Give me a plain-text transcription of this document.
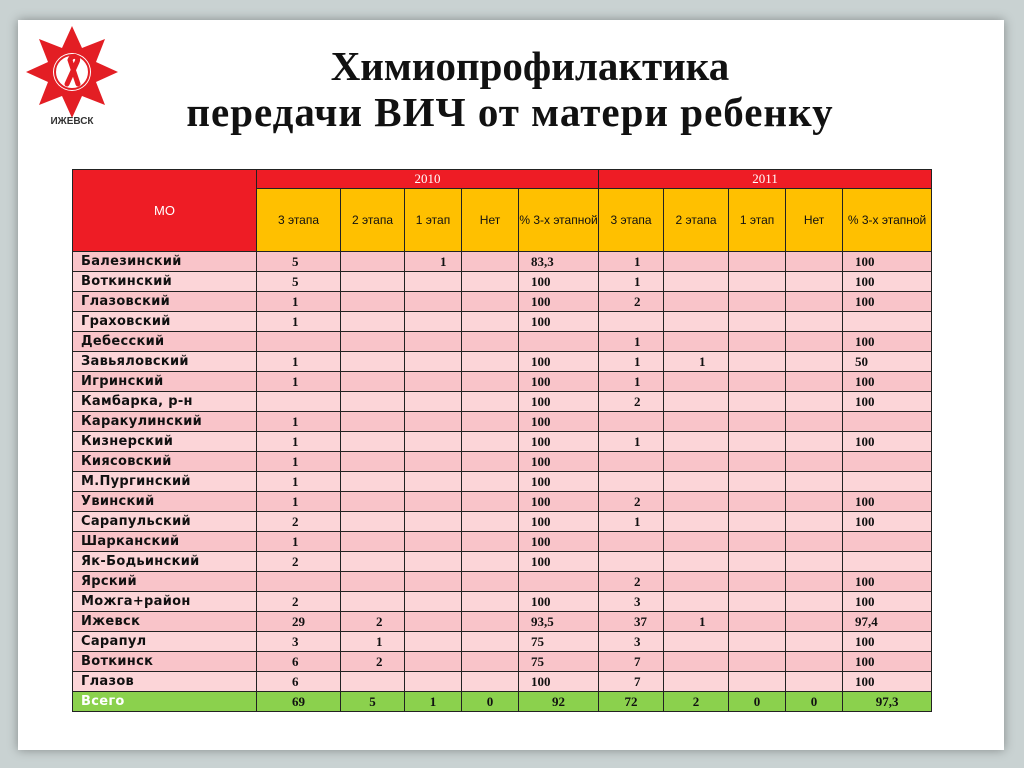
ИЖЕВСК
Химиопрофилактика
передачи ВИЧ от матери ребенку
МО	2010					2011				
	3 этапа	2 этапа	1 этап	Нет	% 3-х этапной	3 этапа	2 этапа	1 этап	Нет	% 3-х этапной
Балезинский	5		1		83,3	1				100
Воткинский	5				100	1				100
Глазовский	1				100	2				100
Граховский	1				100					
Дебесский						1				100
Завьяловский	1				100	1	1			50
Игринский	1				100	1				100
Камбарка, р-н					100	2				100
Каракулинский	1				100					
Кизнерский	1				100	1				100
Киясовский	1				100					
М.Пургинский	1				100					
Увинский	1				100	2				100
Сарапульский	2				100	1				100
Шарканский	1				100					
Як-Бодьинский	2				100					
Ярский						2				100
Можга+район	2				100	3				100
Ижевск	29	2			93,5	37	1			97,4
Сарапул	3	1			75	3				100
Воткинск	6	2			75	7				100
Глазов	6				100	7				100
Всего	69	5	1	0	92	72	2	0	0	97,3
